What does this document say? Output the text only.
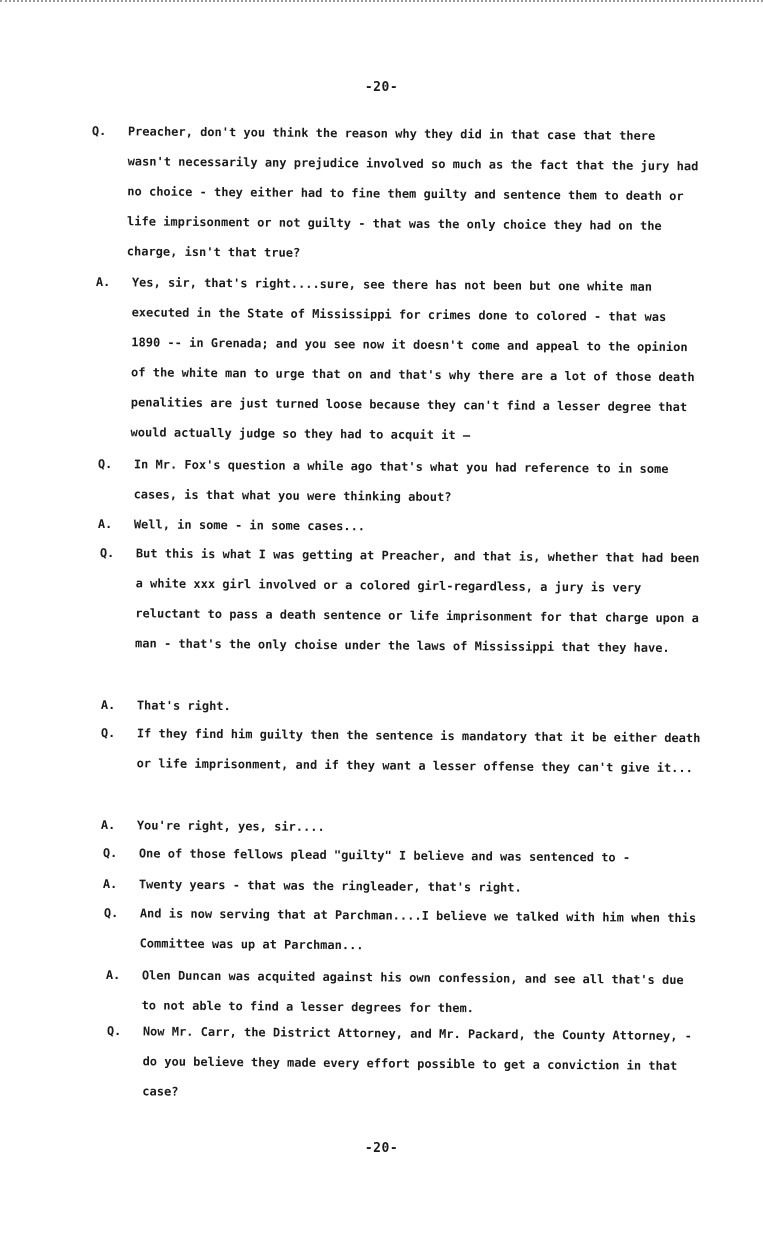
-20-
Q.	Preacher, don't you think the reason why they did in that case that there wasn't necessarily any prejudice involved so much as the fact that the jury had no choice - they either had to fine them guilty and sentence them to death or life imprisonment or not guilty - that was the only choice they had on the charge, isn't that true?
A.	Yes, sir, that's right....sure, see there has not been but one white man executed in the State of Mississippi for crimes done to colored - that was 1890 -- in Grenada; and you see now it doesn't come and appeal to the opinion of the white man to urge that on and that's why there are a lot of those death penalities are just turned loose because they can't find a lesser degree that would actually judge so they had to acquit it —
Q.	In Mr. Fox's question a while ago that's what you had reference to in some cases, is that what you were thinking about?
A.	Well, in some - in some cases...
Q.	But this is what I was getting at Preacher, and that is, whether that had been a white xxx girl involved or a colored girl-regardless, a jury is very reluctant to pass a death sentence or life imprisonment for that charge upon a man - that's the only choise under the laws of Mississippi that they have.
A.	That's right.
Q.	If they find him guilty then the sentence is mandatory that it be either death or life imprisonment, and if they want a lesser offense they can't give it...
A.	You're right, yes, sir....
Q.	One of those fellows plead "guilty" I believe and was sentenced to -
A.	Twenty years - that was the ringleader, that's right.
Q.	And is now serving that at Parchman....I believe we talked with him when this Committee was up at Parchman...
A.	Olen Duncan was acquited against his own confession, and see all that's due to not able to find a lesser degrees for them.
Q.	Now Mr. Carr, the District Attorney, and Mr. Packard, the County Attorney, -do you believe they made every effort possible to get a conviction in that case?
-20-
